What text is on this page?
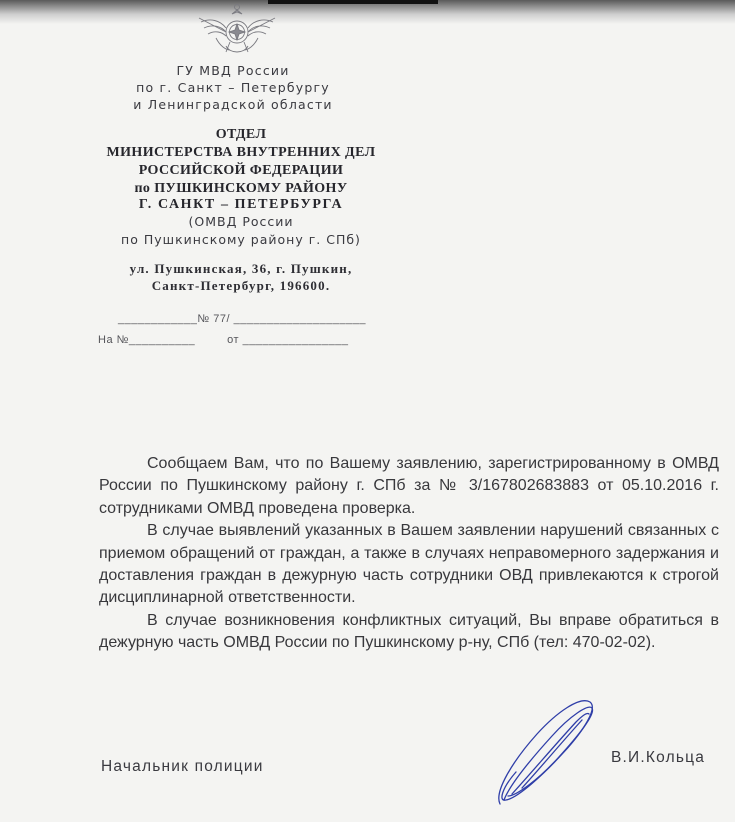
ГУ МВД России
по г. Санкт – Петербургу
и Ленинградской области
ОТДЕЛ
МИНИСТЕРСТВА ВНУТРЕННИХ ДЕЛ
РОССИЙСКОЙ ФЕДЕРАЦИИ
по ПУШКИНСКОМУ РАЙОНУ
Г. САНКТ – ПЕТЕРБУРГА
(ОМВД России
по Пушкинскому району г. СПб)
ул. Пушкинская, 36, г. Пушкин,
Санкт-Петербург, 196600.
____________№ 77/ ____________________
На №__________         от ________________

Сообщаем Вам, что по Вашему заявлению, зарегистрированному в ОМВД России по Пушкинскому району г. СПб за № 3/167802683883 от 05.10.2016 г. сотрудниками ОМВД проведена проверка.

В случае выявлений указанных в Вашем заявлении нарушений связанных с приемом обращений от граждан, а также в случаях неправомерного задержания и доставления граждан в дежурную часть сотрудники ОВД привлекаются к строгой дисциплинарной ответственности.

В случае возникновения конфликтных ситуаций, Вы вправе обратиться в дежурную часть ОМВД России по Пушкинскому р-ну, СПб (тел: 470-02-02).

Начальник полиции
В.И.Кольца
